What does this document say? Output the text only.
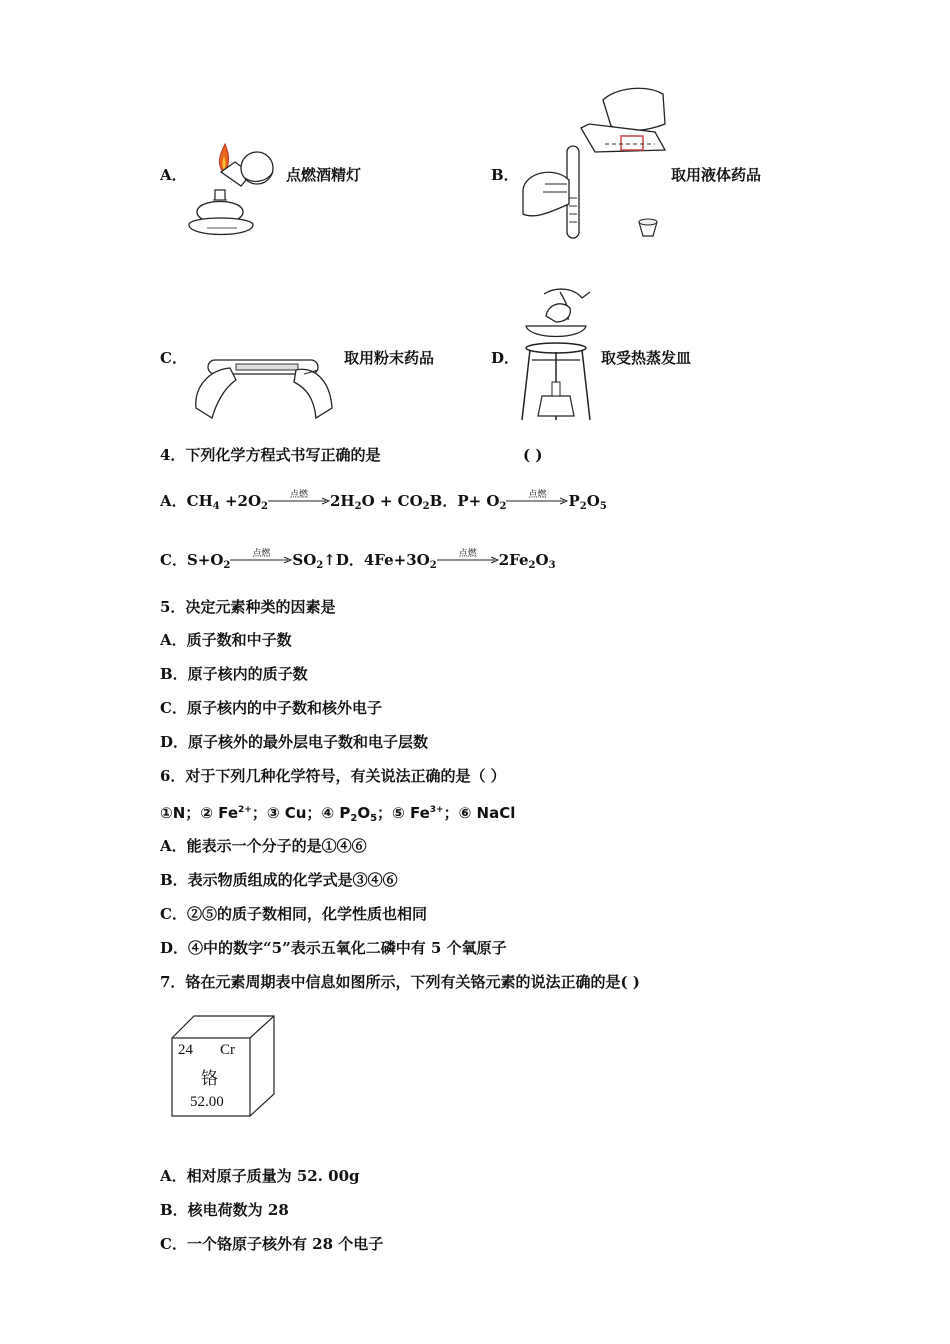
A．	点燃酒精灯	B．	取用液体药品
C．	取用粉末药品	D．	取受热蒸发皿
4．下列化学方程式书写正确的是	( )
A．$CH_4 +2O_2$
点燃	$2H_2O + CO_2B$．$P+ O_2$
点燃	$P_2O_5$
C．$S+O_2$
点燃	$SO_2↑D$．$4Fe+3O_2$
点燃	$2Fe_2O_3$
5．决定元素种类的因素是
A．质子数和中子数
B．原子核内的质子数
C．原子核内的中子数和核外电子
D．原子核外的最外层电子数和电子层数
6．对于下列几种化学符号，有关说法正确的是（ ）
①N；② $Fe^{2+}$；③ Cu；④ $P_2O_5$；⑤ $Fe^{3+}$；⑥ NaCl
A．能表示一个分子的是①④⑥
B．表示物质组成的化学式是③④⑥
C．②⑤的质子数相同，化学性质也相同
D．④中的数字“5”表示五氧化二磷中有 5 个氧原子
7．铬在元素周期表中信息如图所示，下列有关铬元素的说法正确的是( )
24 Cr
铬
52.00
A．相对原子质量为 52. 00g
B．核电荷数为 28
C．一个铬原子核外有 28 个电子
